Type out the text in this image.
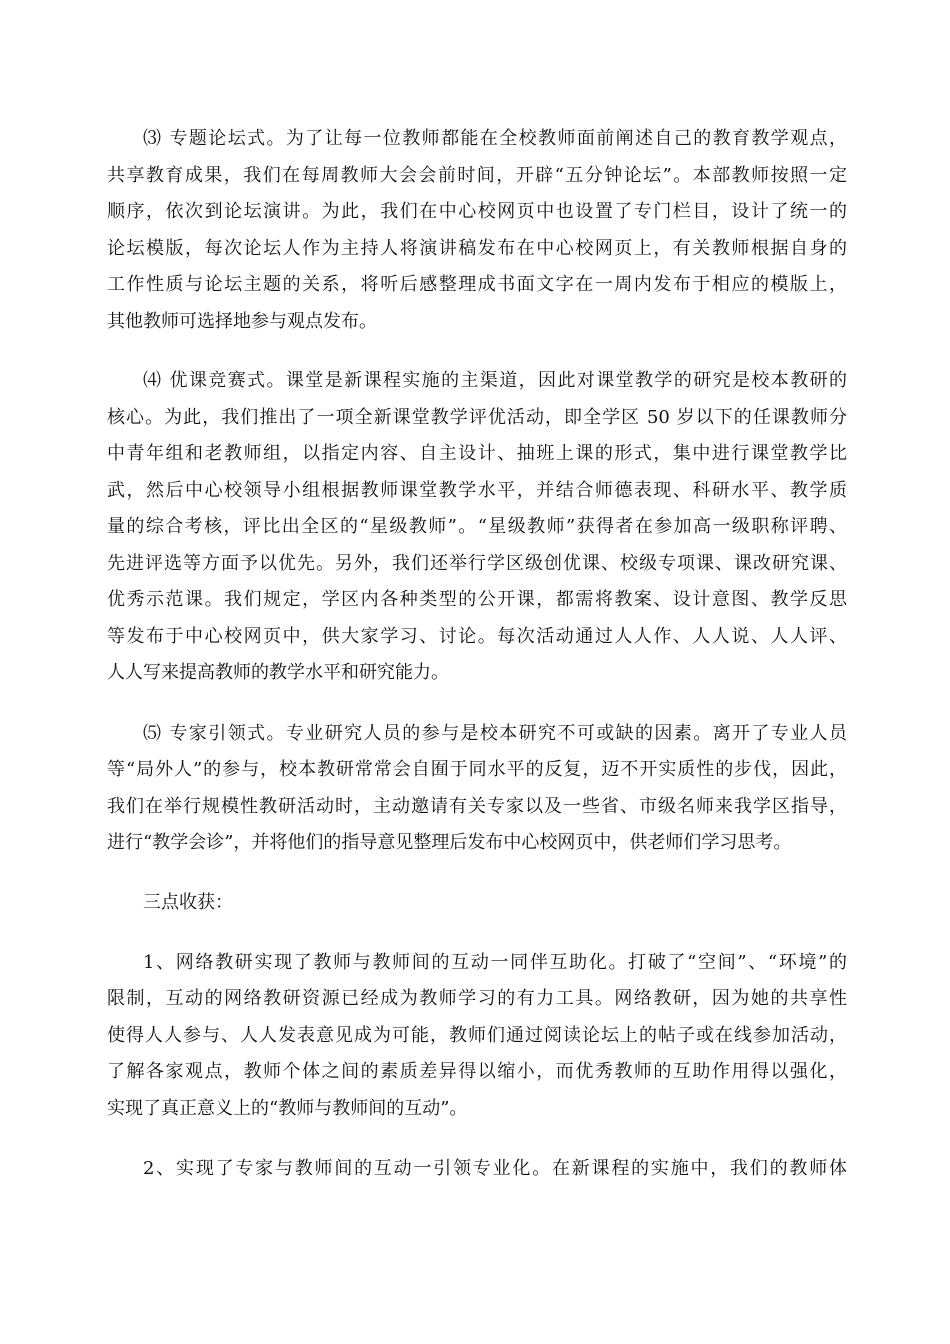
⑶ 专题论坛式。为了让每一位教师都能在全校教师面前阐述自己的教育教学观点，
共享教育成果，我们在每周教师大会会前时间，开辟“五分钟论坛”。本部教师按照一定
顺序，依次到论坛演讲。为此，我们在中心校网页中也设置了专门栏目，设计了统一的
论坛模版，每次论坛人作为主持人将演讲稿发布在中心校网页上，有关教师根据自身的
工作性质与论坛主题的关系，将听后感整理成书面文字在一周内发布于相应的模版上，
其他教师可选择地参与观点发布。
⑷ 优课竞赛式。课堂是新课程实施的主渠道，因此对课堂教学的研究是校本教研的
核心。为此，我们推出了一项全新课堂教学评优活动，即全学区 50 岁以下的任课教师分
中青年组和老教师组，以指定内容、自主设计、抽班上课的形式，集中进行课堂教学比
武，然后中心校领导小组根据教师课堂教学水平，并结合师德表现、科研水平、教学质
量的综合考核，评比出全区的“星级教师”。“星级教师”获得者在参加高一级职称评聘、
先进评选等方面予以优先。另外，我们还举行学区级创优课、校级专项课、课改研究课、
优秀示范课。我们规定，学区内各种类型的公开课，都需将教案、设计意图、教学反思
等发布于中心校网页中，供大家学习、讨论。每次活动通过人人作、人人说、人人评、
人人写来提高教师的教学水平和研究能力。
⑸ 专家引领式。专业研究人员的参与是校本研究不可或缺的因素。离开了专业人员
等“局外人”的参与，校本教研常常会自囿于同水平的反复，迈不开实质性的步伐，因此，
我们在举行规模性教研活动时，主动邀请有关专家以及一些省、市级名师来我学区指导，
进行“教学会诊”，并将他们的指导意见整理后发布中心校网页中，供老师们学习思考。
三点收获：
1、网络教研实现了教师与教师间的互动一同伴互助化。打破了“空间”、“环境”的
限制，互动的网络教研资源已经成为教师学习的有力工具。网络教研，因为她的共享性
使得人人参与、人人发表意见成为可能，教师们通过阅读论坛上的帖子或在线参加活动，
了解各家观点，教师个体之间的素质差异得以缩小，而优秀教师的互助作用得以强化，
实现了真正意义上的“教师与教师间的互动”。
2、实现了专家与教师间的互动一引领专业化。在新课程的实施中，我们的教师体
